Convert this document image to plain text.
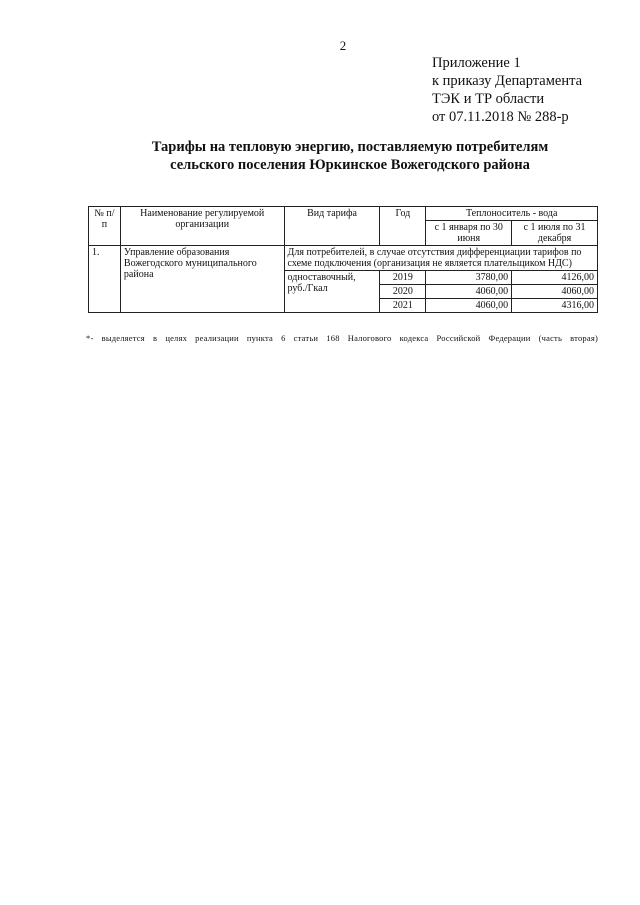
2
Приложение 1
к приказу Департамента
ТЭК и ТР области
от 07.11.2018 № 288-р
Тарифы на тепловую энергию, поставляемую потребителям
сельского поселения Юркинское Вожегодского района
№ п/п	Наименование регулируемой организации	Вид тарифа	Год	Теплоноситель - вода	
				с 1 января по 30 июня	с 1 июля по 31 декабря
1.	Управление образования Вожегодского муниципального района	Для потребителей, в случае отсутствия дифференциации тарифов по схеме подключения (организация не является плательщиком НДС)			
		одноставочный, руб./Гкал	2019	3780,00	4126,00
			2020	4060,00	4060,00
			2021	4060,00	4316,00
*- выделяется в целях реализации пункта 6 статьи 168 Налогового кодекса Российской Федерации (часть вторая)
